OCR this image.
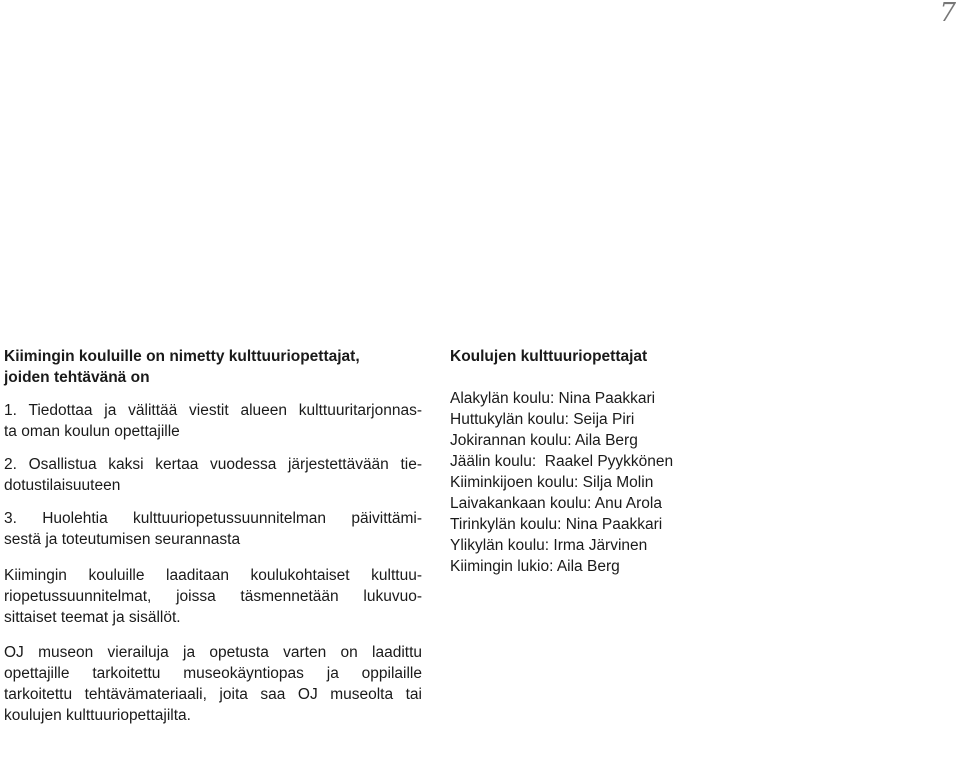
7
Kiimingin kouluille on nimetty kulttuuriopettajat,
joiden tehtävänä on
1. Tiedottaa ja välittää viestit alueen kulttuuritarjonnas-
ta oman koulun opettajille
2. Osallistua kaksi kertaa vuodessa järjestettävään tie-
dotustilaisuuteen
3. Huolehtia kulttuuriopetussuunnitelman päivittämi-
sestä ja toteutumisen seurannasta
Kiimingin kouluille laaditaan koulukohtaiset kulttuu-
riopetussuunnitelmat, joissa täsmennetään lukuvuo-
sittaiset teemat ja sisällöt.
OJ museon vierailuja ja opetusta varten on laadittu
opettajille tarkoitettu museokäyntiopas ja oppilaille
tarkoitettu tehtävämateriaali, joita saa OJ museolta tai
koulujen kulttuuriopettajilta.
Koulujen kulttuuriopettajat
Alakylän koulu: Nina Paakkari
Huttukylän koulu: Seija Piri
Jokirannan koulu: Aila Berg
Jäälin koulu:  Raakel Pyykkönen
Kiiminkijoen koulu: Silja Molin
Laivakankaan koulu: Anu Arola
Tirinkylän koulu: Nina Paakkari
Ylikylän koulu: Irma Järvinen
Kiimingin lukio: Aila Berg
